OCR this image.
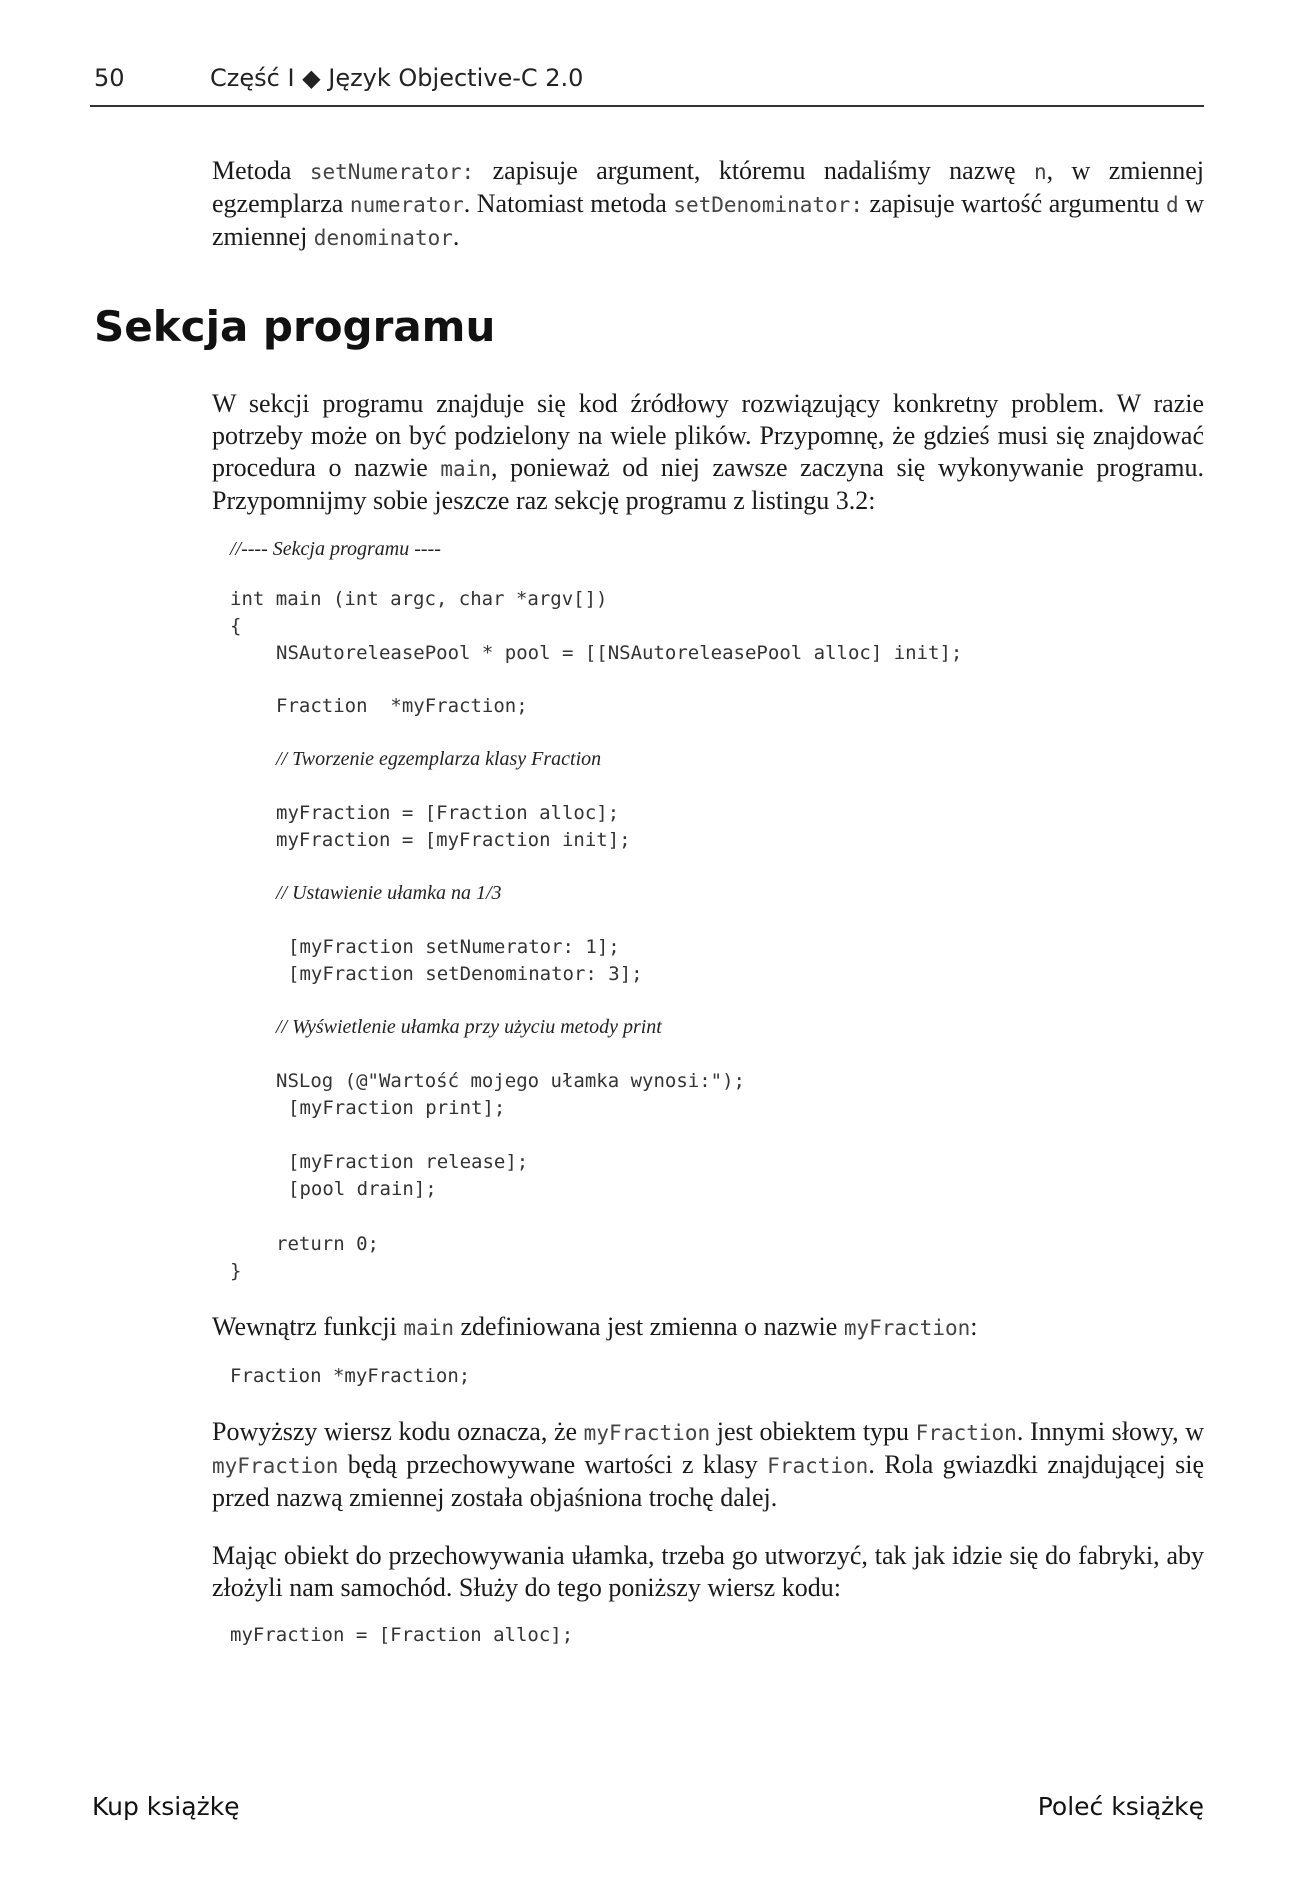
50	Część I ◆ Język Objective-C 2.0

Metoda setNumerator: zapisuje argument, któremu nadaliśmy nazwę n, w zmiennej egzemplarza numerator. Natomiast metoda setDenominator: zapisuje wartość argumentu d w zmiennej denominator.

Sekcja programu

W sekcji programu znajduje się kod źródłowy rozwiązujący konkretny problem. W razie potrzeby może on być podzielony na wiele plików. Przypomnę, że gdzieś musi się znajdować procedura o nazwie main, ponieważ od niej zawsze zaczyna się wykonywanie programu. Przypomnijmy sobie jeszcze raz sekcję programu z listingu 3.2:

//---- Sekcja programu ----
int main (int argc, char *argv[])
{
NSAutoreleasePool * pool = [[NSAutoreleasePool alloc] init];
Fraction  *myFraction;
// Tworzenie egzemplarza klasy Fraction
myFraction = [Fraction alloc];
myFraction = [myFraction init];
// Ustawienie ułamka na 1/3
[myFraction setNumerator: 1];
[myFraction setDenominator: 3];
// Wyświetlenie ułamka przy użyciu metody print
NSLog (@"Wartość mojego ułamka wynosi:");
[myFraction print];
[myFraction release];
[pool drain];
return 0;
}

Wewnątrz funkcji main zdefiniowana jest zmienna o nazwie myFraction:

Fraction *myFraction;

Powyższy wiersz kodu oznacza, że myFraction jest obiektem typu Fraction. Innymi słowy, w myFraction będą przechowywane wartości z klasy Fraction. Rola gwiazdki znajdującej się przed nazwą zmiennej została objaśniona trochę dalej.

Mając obiekt do przechowywania ułamka, trzeba go utworzyć, tak jak idzie się do fabryki, aby złożyli nam samochód. Służy do tego poniższy wiersz kodu:

myFraction = [Fraction alloc];
Kup książkę	Poleć książkę
